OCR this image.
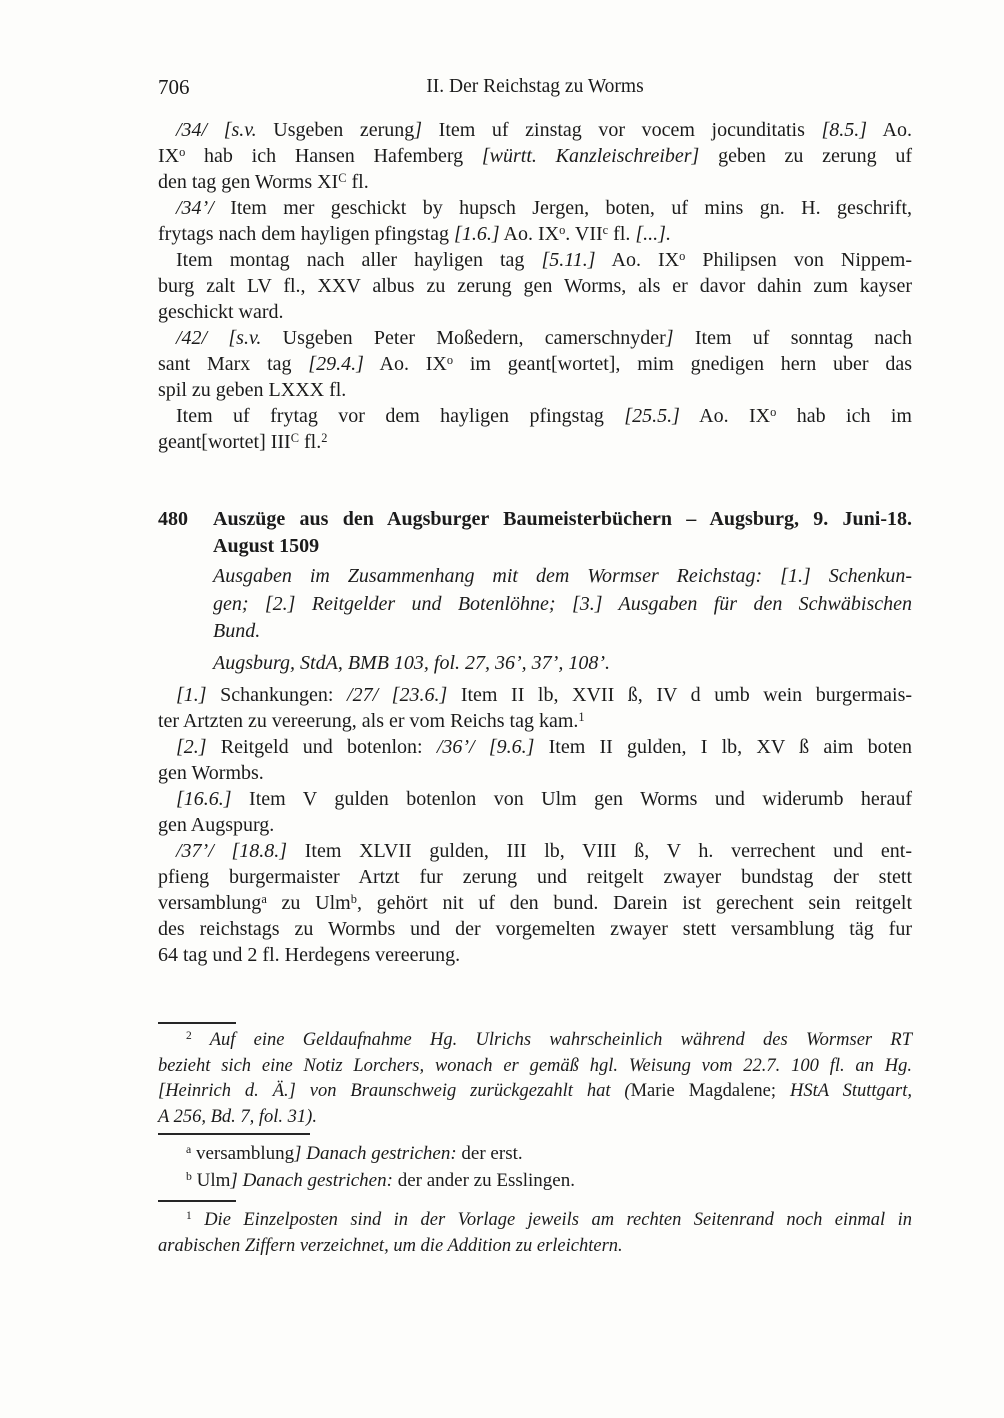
706	II. Der Reichstag zu Worms
/34/ [s.v. Usgeben zerung] Item uf zinstag vor vocem jocunditatis [8.5.] Ao.
$IX^o$ hab ich Hansen Hafemberg [württ. Kanzleischreiber] geben zu zerung uf
den tag gen Worms $XI^C$ fl.
/34’/ Item mer geschickt by hupsch Jergen, boten, uf mins gn. H. geschrift,
frytags nach dem hayligen pfingstag [1.6.] Ao. $IX^o$. VII$^c$ fl. [...].
Item montag nach aller hayligen tag [5.11.] Ao. $IX^o$ Philipsen von Nippem-
burg zalt LV fl., XXV albus zu zerung gen Worms, als er davor dahin zum kayser
geschickt ward.
/42/ [s.v. Usgeben Peter Moßedern, camerschnyder] Item uf sonntag nach
sant Marx tag [29.4.] Ao. $IX^o$ im geant[wortet], mim gnedigen hern uber das
spil zu geben LXXX fl.
Item uf frytag vor dem hayligen pfingstag [25.5.] Ao. $IX^o$ hab ich im
geant[wortet] $III^C$ fl.$^2$
480 Auszüge aus den Augsburger Baumeisterbüchern – Augsburg, 9. Juni-18.
August 1509
Ausgaben im Zusammenhang mit dem Wormser Reichstag: [1.] Schenkun-
gen; [2.] Reitgelder und Botenlöhne; [3.] Ausgaben für den Schwäbischen
Bund.
Augsburg, StdA, BMB 103, fol. 27, 36’, 37’, 108’.
[1.] Schankungen: /27/ [23.6.] Item II lb, XVII ß, IV d umb wein burgermais-
ter Artzten zu vereerung, als er vom Reichs tag kam.$^1$
[2.] Reitgeld und botenlon: /36’/ [9.6.] Item II gulden, I lb, XV ß aim boten
gen Wormbs.
[16.6.] Item V gulden botenlon von Ulm gen Worms und widerumb herauf
gen Augspurg.
/37’/ [18.8.] Item XLVII gulden, III lb, VIII ß, V h. verrechent und ent-
pfieng burgermaister Artzt fur zerung und reitgelt zwayer bundstag der stett
versamblung$^a$ zu Ulm$^b$, gehört nit uf den bund. Darein ist gerechent sein reitgelt
des reichstags zu Wormbs und der vorgemelten zwayer stett versamblung täg fur
64 tag und 2 fl. Herdegens vereerung.
$^2$ Auf eine Geldaufnahme Hg. Ulrichs wahrscheinlich während des Wormser RT
bezieht sich eine Notiz Lorchers, wonach er gemäß hgl. Weisung vom 22.7. 100 fl. an Hg.
[Heinrich d. Ä.] von Braunschweig zurückgezahlt hat (Marie Magdalene; HStA Stuttgart,
A 256, Bd. 7, fol. 31).
$^a$ versamblung] Danach gestrichen: der erst.
$^b$ Ulm] Danach gestrichen: der ander zu Esslingen.
$^1$ Die Einzelposten sind in der Vorlage jeweils am rechten Seitenrand noch einmal in
arabischen Ziffern verzeichnet, um die Addition zu erleichtern.
